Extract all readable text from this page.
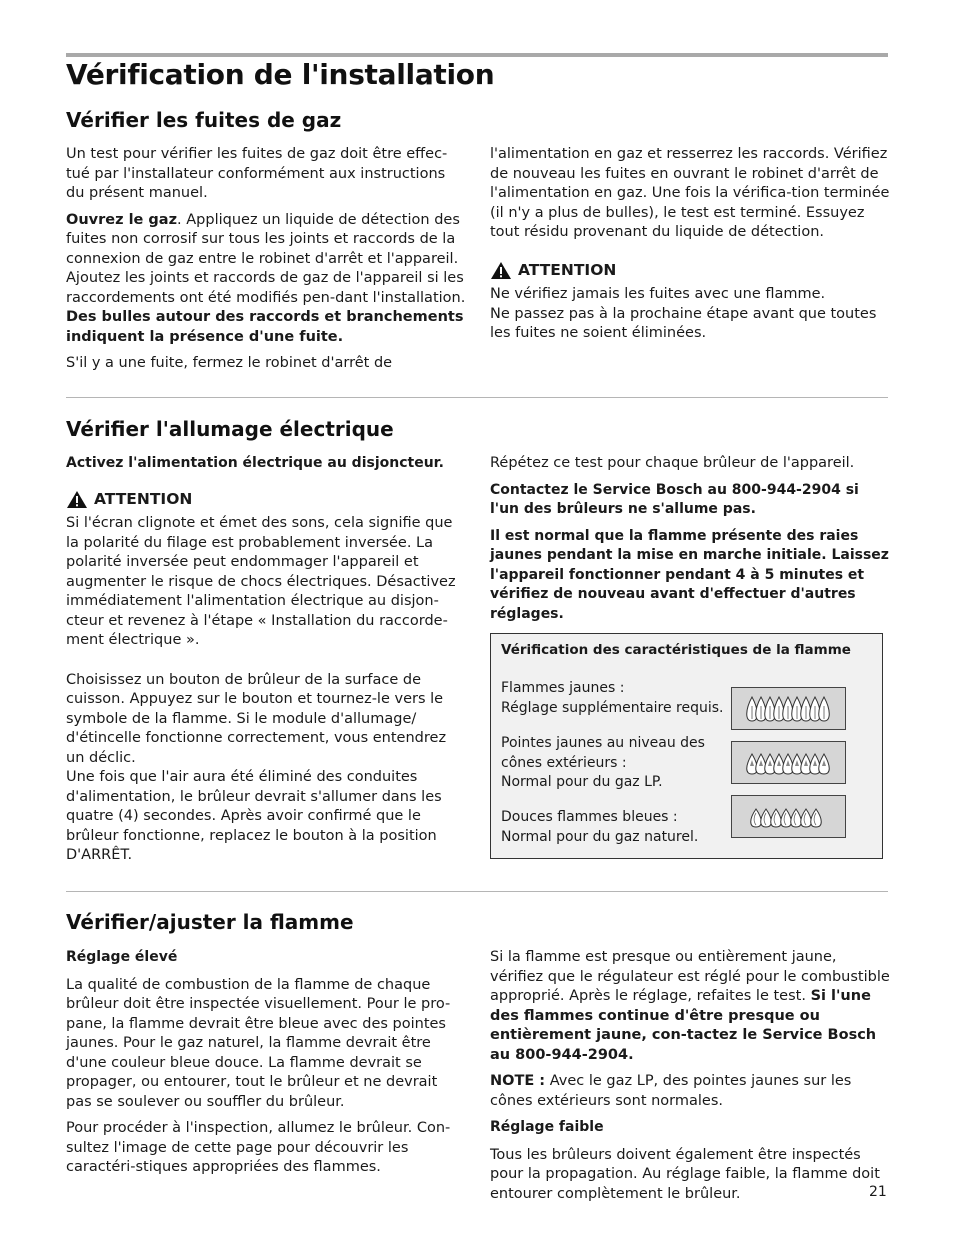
Vérification de l'installation
Vérifier les fuites de gaz

Un test pour vérifier les fuites de gaz doit être effec-tué par l'installateur conformément aux instructions du présent manuel.

Ouvrez le gaz. Appliquez un liquide de détection des fuites non corrosif sur tous les joints et raccords de la connexion de gaz entre le robinet d'arrêt et l'appareil. Ajoutez les joints et raccords de gaz de l'appareil si les raccordements ont été modifiés pen-dant l'installation. Des bulles autour des raccords et branchements indiquent la présence d'une fuite.

S'il y a une fuite, fermez le robinet d'arrêt de

l'alimentation en gaz et resserrez les raccords. Vérifiez de nouveau les fuites en ouvrant le robinet d'arrêt de l'alimentation en gaz. Une fois la vérifica-tion terminée (il n'y a plus de bulles), le test est terminé. Essuyez tout résidu provenant du liquide de détection.

ATTENTION
Ne vérifiez jamais les fuites avec une flamme.
Ne passez pas à la prochaine étape avant que toutes les fuites ne soient éliminées.
Vérifier l'allumage électrique

Activez l'alimentation électrique au disjoncteur.

ATTENTION

Si l'écran clignote et émet des sons, cela signifie que la polarité du filage est probablement inversée. La polarité inversée peut endommager l'appareil et augmenter le risque de chocs électriques. Désactivez immédiatement l'alimentation électrique au disjon-cteur et revenez à l'étape « Installation du raccorde-ment électrique ».

Choisissez un bouton de brûleur de la surface de cuisson. Appuyez sur le bouton et tournez-le vers le symbole de la flamme. Si le module d'allumage/ d'étincelle fonctionne correctement, vous entendrez un déclic.

Une fois que l'air aura été éliminé des conduites d'alimentation, le brûleur devrait s'allumer dans les quatre (4) secondes. Après avoir confirmé que le brûleur fonctionne, replacez le bouton à la position D'ARRÊT.

Répétez ce test pour chaque brûleur de l'appareil.

Contactez le Service Bosch au 800-944-2904 si l'un des brûleurs ne s'allume pas.

Il est normal que la flamme présente des raies jaunes pendant la mise en marche initiale. Laissez l'appareil fonctionner pendant 4 à 5 minutes et vérifiez de nouveau avant d'effectuer d'autres réglages.

Vérification des caractéristiques de la flamme
Flammes jaunes :
Réglage supplémentaire requis.
Pointes jaunes au niveau des cônes extérieurs :
Normal pour du gaz LP.
Douces flammes bleues :
Normal pour du gaz naturel.
Vérifier/ajuster la flamme
Réglage élevé

La qualité de combustion de la flamme de chaque brûleur doit être inspectée visuellement. Pour le pro-pane, la flamme devrait être bleue avec des pointes jaunes. Pour le gaz naturel, la flamme devrait être d'une couleur bleue douce. La flamme devrait se propager, ou entourer, tout le brûleur et ne devrait pas se soulever ou souffler du brûleur.

Pour procéder à l'inspection, allumez le brûleur. Con-sultez l'image de cette page pour découvrir les caractéri-stiques appropriées des flammes.

Si la flamme est presque ou entièrement jaune, vérifiez que le régulateur est réglé pour le combustible approprié. Après le réglage, refaites le test. Si l'une des flammes continue d'être presque ou entièrement jaune, con-tactez le Service Bosch au 800-944-2904.

NOTE : Avec le gaz LP, des pointes jaunes sur les cônes extérieurs sont normales.

Réglage faible

Tous les brûleurs doivent également être inspectés pour la propagation. Au réglage faible, la flamme doit entourer complètement le brûleur.	21
